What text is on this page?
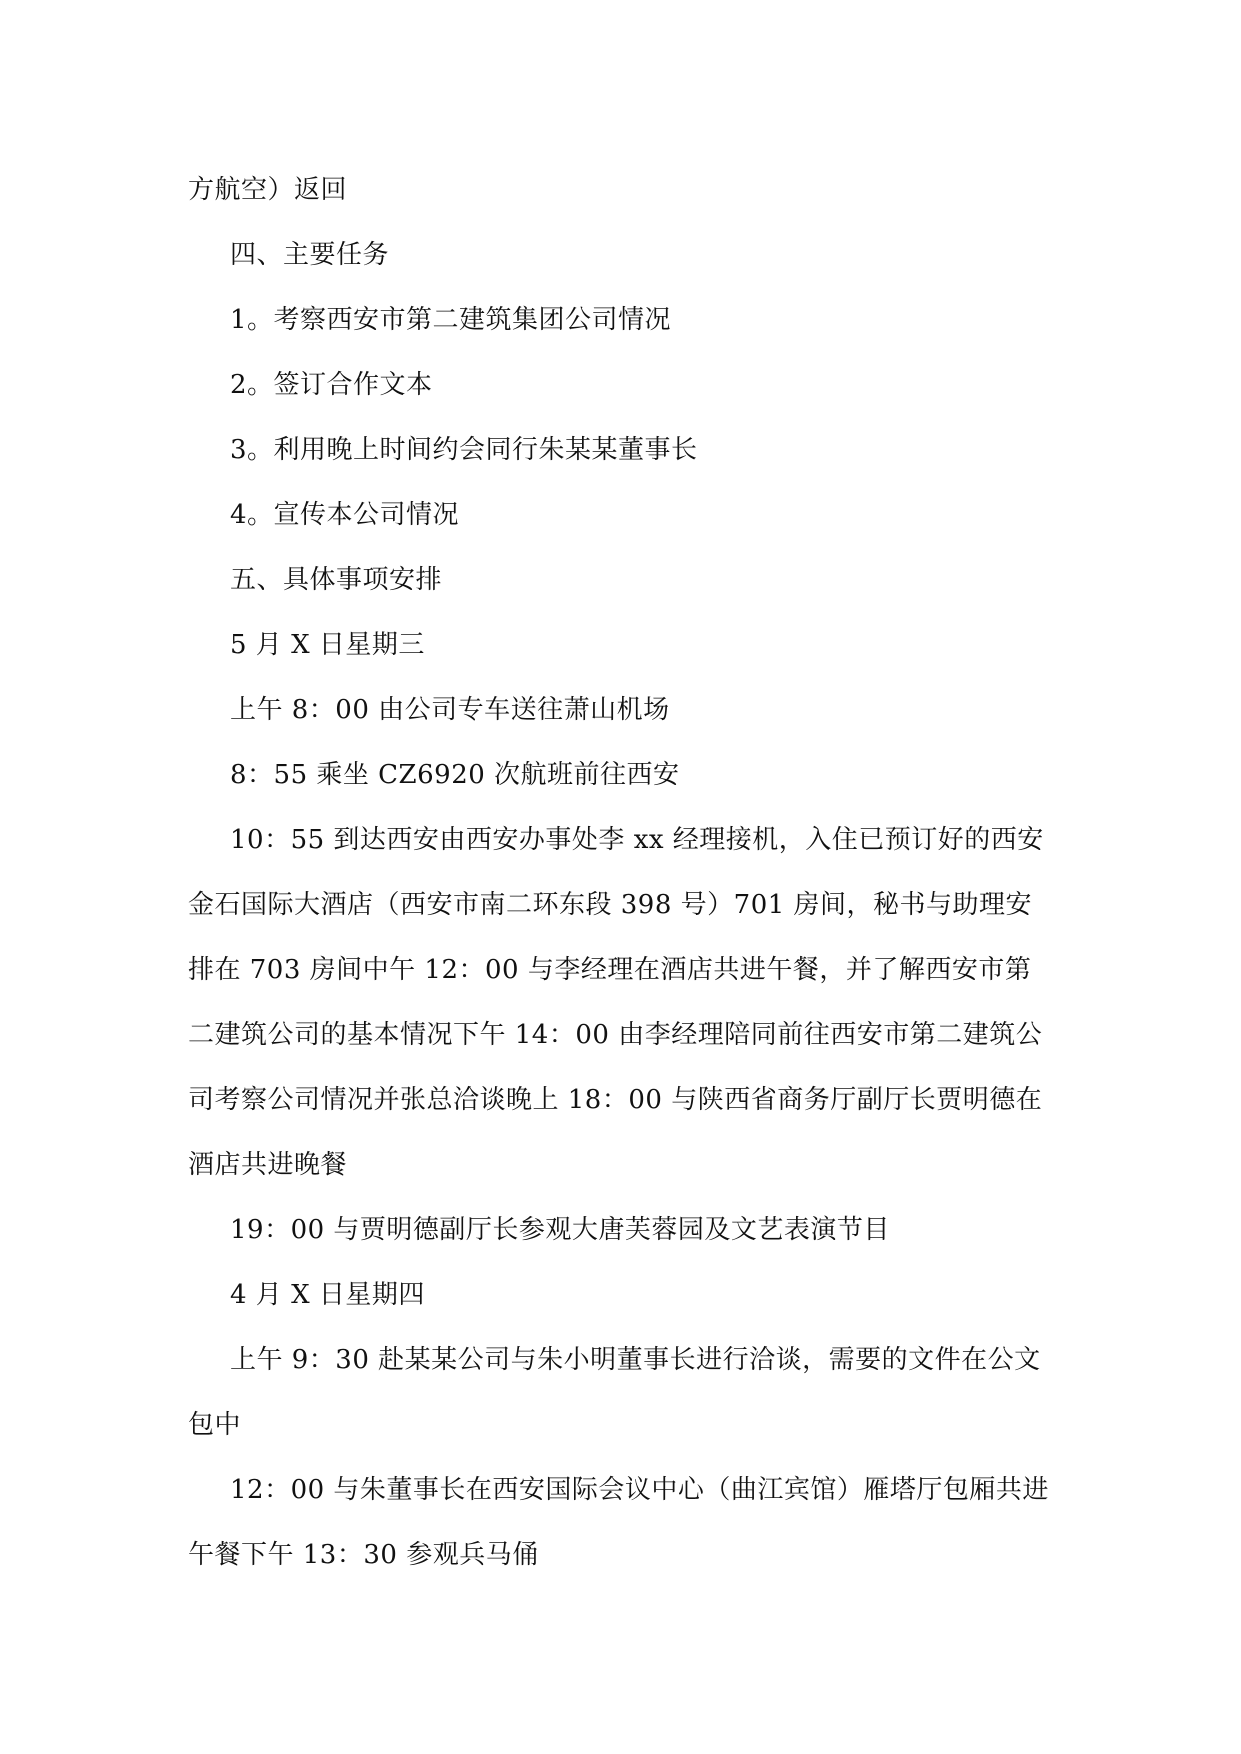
方航空）返回

四、主要任务

1。考察西安市第二建筑集团公司情况

2。签订合作文本

3。利用晚上时间约会同行朱某某董事长

4。宣传本公司情况

五、具体事项安排

5 月 X 日星期三

上午 8：00 由公司专车送往萧山机场

8：55 乘坐 CZ6920 次航班前往西安

10：55 到达西安由西安办事处李 xx 经理接机，入住已预订好的西安金石国际大酒店（西安市南二环东段 398 号）701 房间，秘书与助理安排在 703 房间中午 12：00 与李经理在酒店共进午餐，并了解西安市第二建筑公司的基本情况下午 14：00 由李经理陪同前往西安市第二建筑公司考察公司情况并张总洽谈晚上 18：00 与陕西省商务厅副厅长贾明德在酒店共进晚餐

19：00 与贾明德副厅长参观大唐芙蓉园及文艺表演节目

4 月 X 日星期四

上午 9：30 赴某某公司与朱小明董事长进行洽谈，需要的文件在公文包中

12：00 与朱董事长在西安国际会议中心（曲江宾馆）雁塔厅包厢共进午餐下午 13：30 参观兵马俑
